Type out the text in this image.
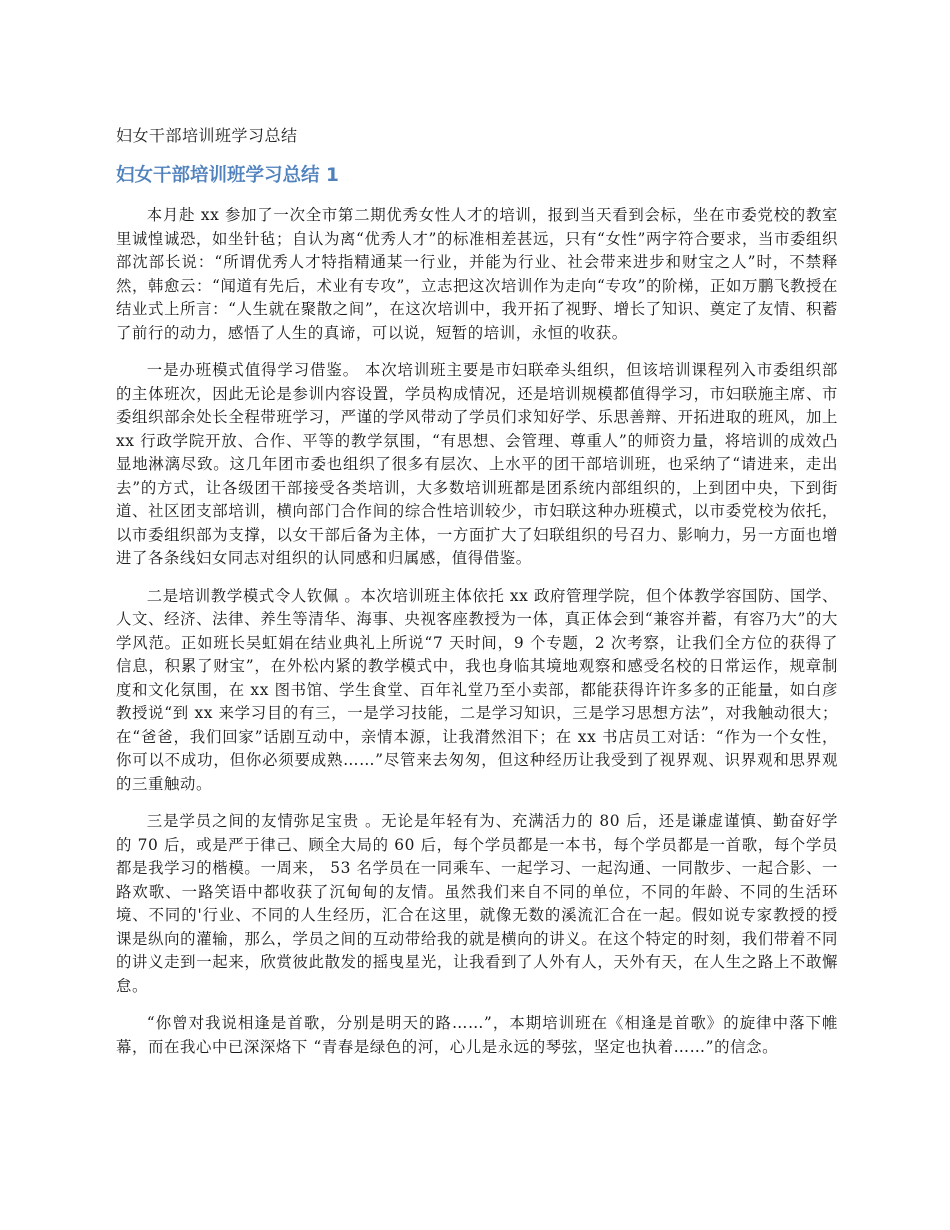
妇女干部培训班学习总结
妇女干部培训班学习总结 1

本月赴 xx 参加了一次全市第二期优秀女性人才的培训，报到当天看到会标，坐在市委党校的教室里诚惶诚恐，如坐针毡；自认为离“优秀人才”的标准相差甚远，只有“女性”两字符合要求，当市委组织部沈部长说：“所谓优秀人才特指精通某一行业，并能为行业、社会带来进步和财宝之人”时，不禁释然，韩愈云：“闻道有先后，术业有专攻”，立志把这次培训作为走向“专攻”的阶梯，正如万鹏飞教授在结业式上所言：“人生就在聚散之间”，在这次培训中，我开拓了视野、增长了知识、奠定了友情、积蓄了前行的动力，感悟了人生的真谛，可以说，短暂的培训，永恒的收获。

一是办班模式值得学习借鉴。 本次培训班主要是市妇联牵头组织，但该培训课程列入市委组织部的主体班次，因此无论是参训内容设置，学员构成情况，还是培训规模都值得学习，市妇联施主席、市委组织部余处长全程带班学习，严谨的学风带动了学员们求知好学、乐思善辩、开拓进取的班风，加上 xx 行政学院开放、合作、平等的教学氛围，“有思想、会管理、尊重人”的师资力量，将培训的成效凸显地淋漓尽致。这几年团市委也组织了很多有层次、上水平的团干部培训班，也采纳了“请进来，走出去”的方式，让各级团干部接受各类培训，大多数培训班都是团系统内部组织的，上到团中央，下到街道、社区团支部培训，横向部门合作间的综合性培训较少，市妇联这种办班模式，以市委党校为依托，以市委组织部为支撑，以女干部后备为主体，一方面扩大了妇联组织的号召力、影响力，另一方面也增进了各条线妇女同志对组织的认同感和归属感，值得借鉴。

二是培训教学模式令人钦佩 。本次培训班主体依托 xx 政府管理学院，但个体教学容国防、国学、人文、经济、法律、养生等清华、海事、央视客座教授为一体，真正体会到“兼容并蓄，有容乃大”的大学风范。正如班长吴虹娟在结业典礼上所说“7 天时间，9 个专题，2 次考察，让我们全方位的获得了信息，积累了财宝”，在外松内紧的教学模式中，我也身临其境地观察和感受名校的日常运作，规章制度和文化氛围，在 xx 图书馆、学生食堂、百年礼堂乃至小卖部，都能获得许许多多的正能量，如白彦教授说“到 xx 来学习目的有三，一是学习技能，二是学习知识，三是学习思想方法”，对我触动很大；在“爸爸，我们回家”话剧互动中，亲情本源，让我潸然泪下；在 xx 书店员工对话：“作为一个女性，你可以不成功，但你必须要成熟……”尽管来去匆匆，但这种经历让我受到了视界观、识界观和思界观的三重触动。

三是学员之间的友情弥足宝贵 。无论是年轻有为、充满活力的 80 后，还是谦虚谨慎、勤奋好学的 70 后，或是严于律己、顾全大局的 60 后，每个学员都是一本书，每个学员都是一首歌，每个学员都是我学习的楷模。一周来， 53 名学员在一同乘车、一起学习、一起沟通、一同散步、一起合影、一路欢歌、一路笑语中都收获了沉甸甸的友情。虽然我们来自不同的单位，不同的年龄、不同的生活环境、不同的'行业、不同的人生经历，汇合在这里，就像无数的溪流汇合在一起。假如说专家教授的授课是纵向的灌输，那么，学员之间的互动带给我的就是横向的讲义。在这个特定的时刻，我们带着不同的讲义走到一起来，欣赏彼此散发的摇曳星光，让我看到了人外有人，天外有天，在人生之路上不敢懈怠。

“你曾对我说相逢是首歌，分别是明天的路……”，本期培训班在《相逢是首歌》的旋律中落下帷幕，而在我心中已深深烙下 “青春是绿色的河，心儿是永远的琴弦，坚定也执着……”的信念。
